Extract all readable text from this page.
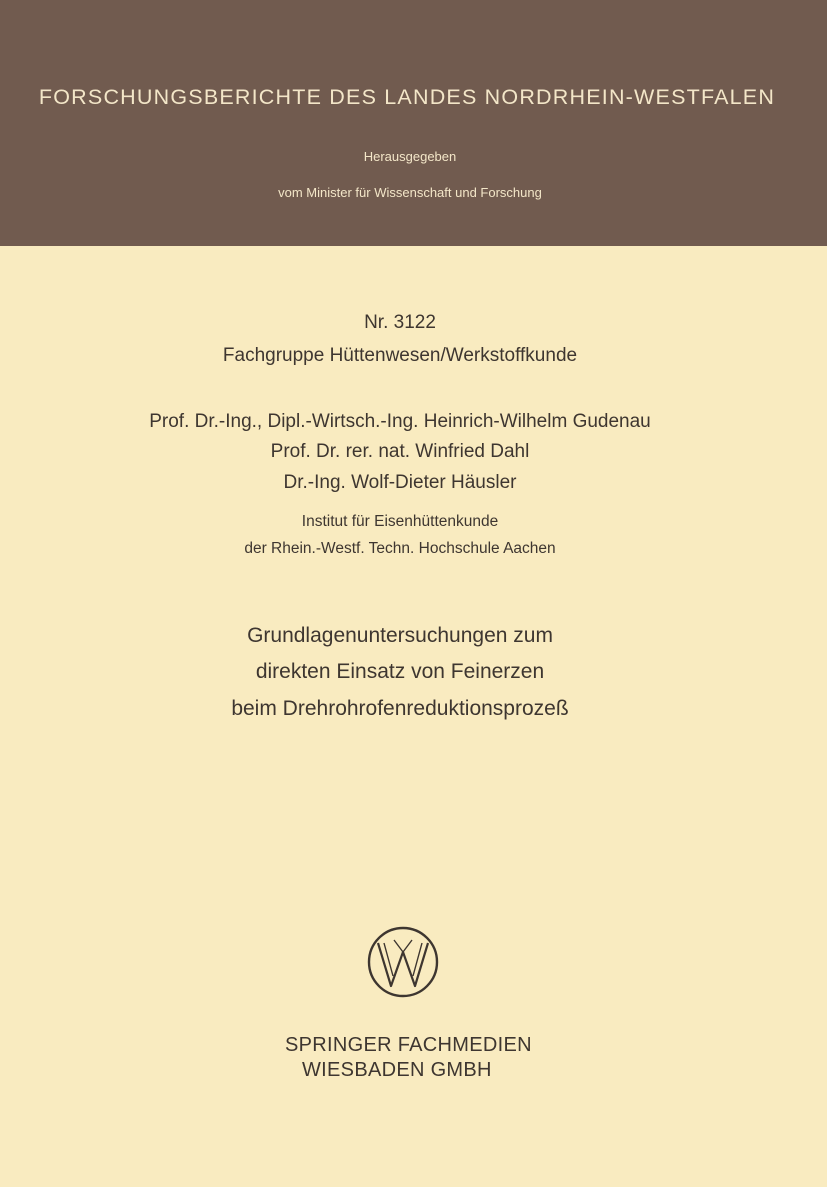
FORSCHUNGSBERICHTE DES LANDES NORDRHEIN-WESTFALEN
Herausgegeben
vom Minister für Wissenschaft und Forschung
Nr. 3122
Fachgruppe Hüttenwesen/Werkstoffkunde
Prof. Dr.-Ing., Dipl.-Wirtsch.-Ing. Heinrich-Wilhelm Gudenau
Prof. Dr. rer. nat. Winfried Dahl
Dr.-Ing. Wolf-Dieter Häusler
Institut für Eisenhüttenkunde
der Rhein.-Westf. Techn. Hochschule Aachen
Grundlagenuntersuchungen zum
direkten Einsatz von Feinerzen
beim Drehrohrofenreduktionsprozeß
SPRINGER FACHMEDIEN
WIESBADEN GMBH
